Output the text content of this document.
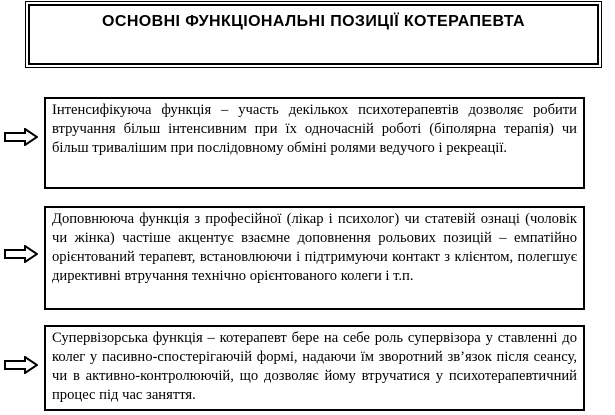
ОСНОВНІ ФУНКЦІОНАЛЬНІ ПОЗИЦІЇ КОТЕРАПЕВТА
Інтенсифікуюча функція – участь декількох психотерапевтів дозволяє робити втручання більш інтенсивним при їх одночасній роботі (біполярна терапія) чи більш тривалішим при послідовному обміні ролями ведучого і рекреації.
Доповнююча функція з професійної (лікар і психолог) чи статевій ознаці (чоловік чи жінка) частіше акцентує взаємне доповнення рольових позицій – емпатійно орієнтований терапевт, встановлюючи і підтримуючи контакт з клієнтом, полегшує директивні втручання технічно орієнтованого колеги і т.п.
Супервізорська функція – котерапевт бере на себе роль супервізора у ставленні до колег у пасивно-спостерігаючій формі, надаючи їм зворотний зв’язок після сеансу, чи в активно-контролюючій, що дозволяє йому втручатися у психотерапевтичний процес під час заняття.
